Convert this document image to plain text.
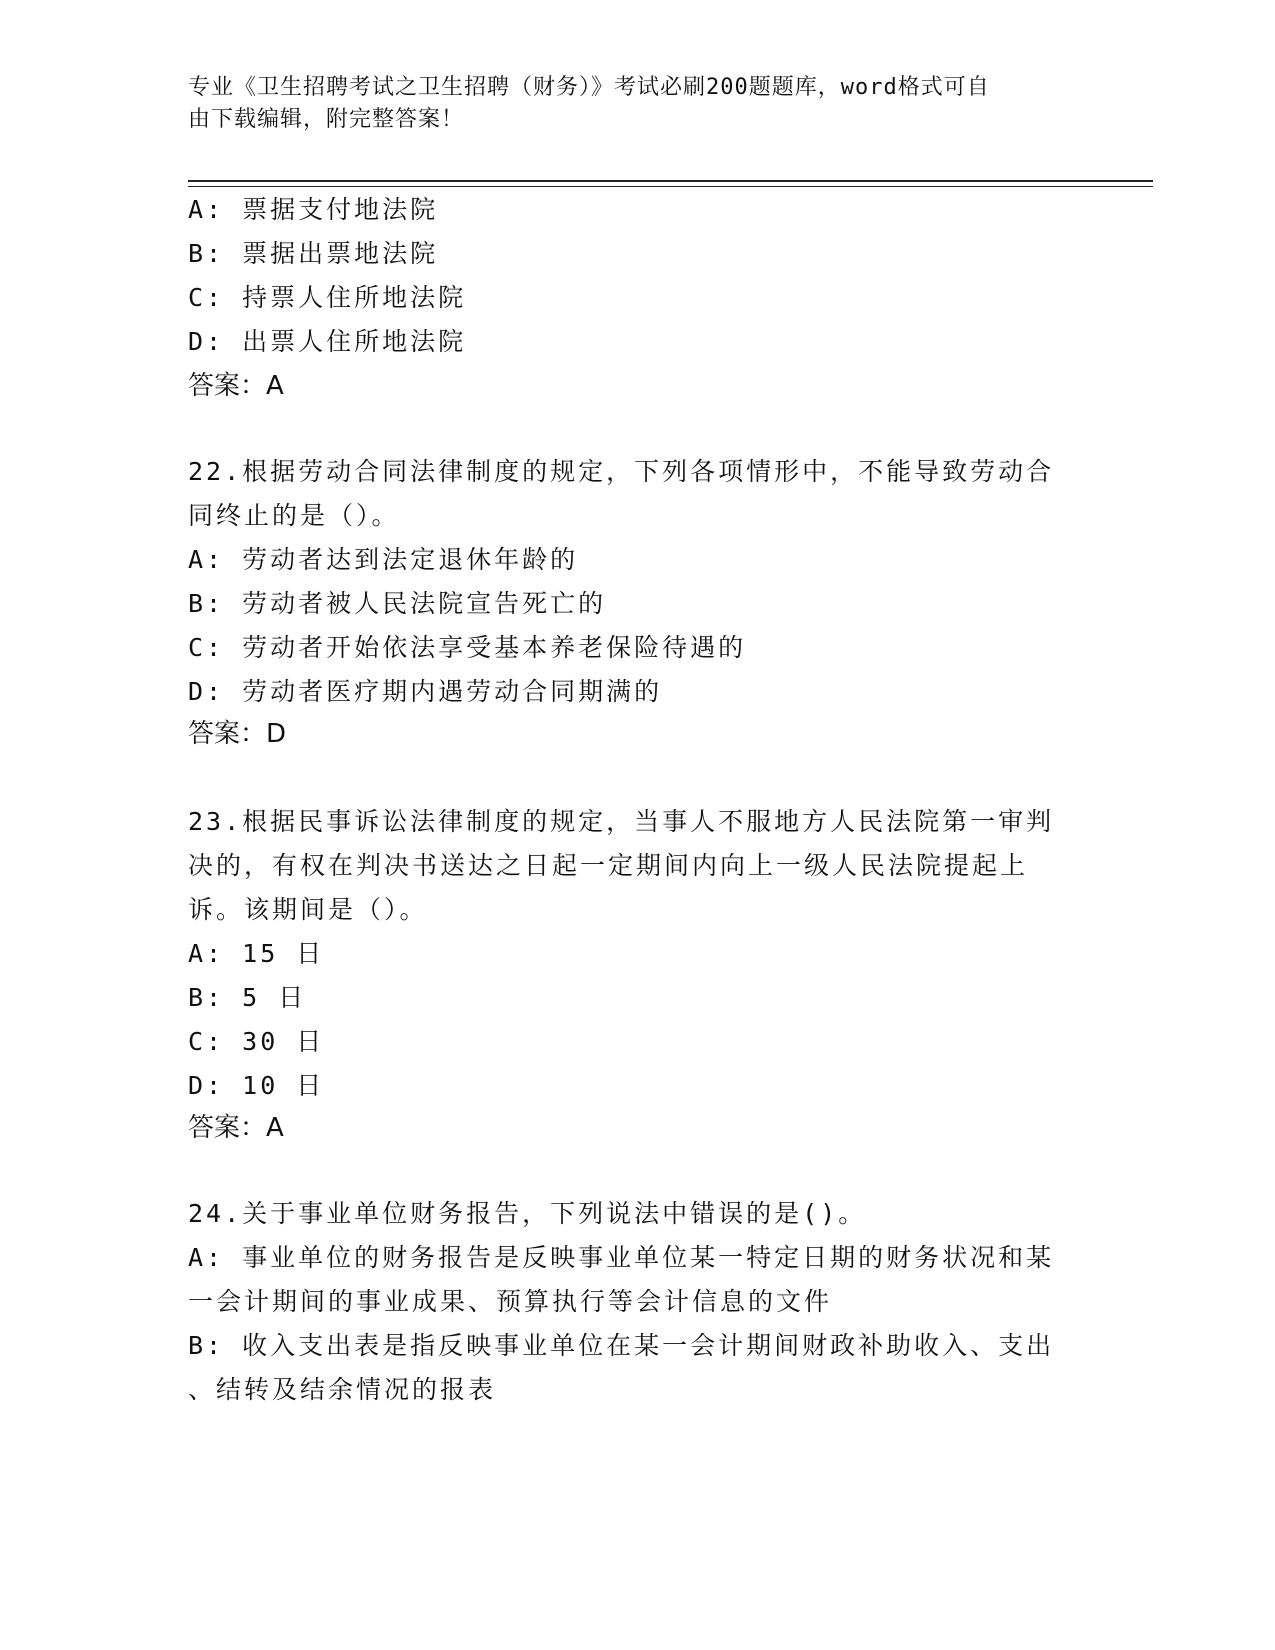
专业《卫生招聘考试之卫生招聘（财务）》考试必刷200题题库，word格式可自
由下载编辑，附完整答案！
A: 票据支付地法院
B: 票据出票地法院
C: 持票人住所地法院
D: 出票人住所地法院
答案：A
22.根据劳动合同法律制度的规定，下列各项情形中，不能导致劳动合
同终止的是（）。
A: 劳动者达到法定退休年龄的
B: 劳动者被人民法院宣告死亡的
C: 劳动者开始依法享受基本养老保险待遇的
D: 劳动者医疗期内遇劳动合同期满的
答案：D
23.根据民事诉讼法律制度的规定，当事人不服地方人民法院第一审判
决的，有权在判决书送达之日起一定期间内向上一级人民法院提起上
诉。该期间是（）。
A: 15 日
B: 5 日
C: 30 日
D: 10 日
答案：A
24.关于事业单位财务报告，下列说法中错误的是()。
A: 事业单位的财务报告是反映事业单位某一特定日期的财务状况和某
一会计期间的事业成果、预算执行等会计信息的文件
B: 收入支出表是指反映事业单位在某一会计期间财政补助收入、支出
、结转及结余情况的报表
